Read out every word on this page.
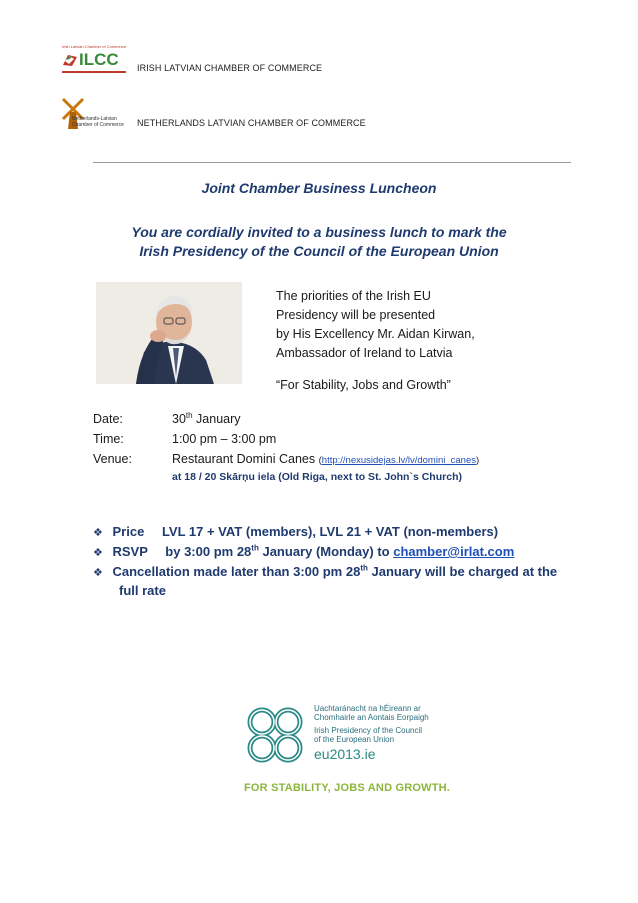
Irish Latvian Chamber of Commerce
ILCC IRISH LATVIAN CHAMBER OF COMMERCE
Netherlands-Latvian Chamber of Commerce	NETHERLANDS LATVIAN CHAMBER OF COMMERCE
Joint Chamber Business Luncheon
You are cordially invited to a business lunch to mark the
Irish Presidency of the Council of the European Union
The priorities of the Irish EU
Presidency will be presented
by His Excellency Mr. Aidan Kirwan,
Ambassador of Ireland to Latvia
“For Stability, Jobs and Growth”
Date:	30th January
Time:	1:00 pm – 3:00 pm
Venue:	Restaurant Domini Canes (http://nexusidejas.lv/lv/domini_canes)
at 18 / 20 Skārņu iela (Old Riga, next to St. John`s Church)
❖ Price LVL 17 + VAT (members), LVL 21 + VAT (non-members)
❖ RSVP by 3:00 pm 28th January (Monday) to chamber@irlat.com
❖ Cancellation made later than 3:00 pm 28th January will be charged at the
full rate
Uachtaránacht na hÉireann ar
Chomhairle an Aontais Eorpaigh
Irish Presidency of the Council
of the European Union
eu2013.ie
FOR STABILITY, JOBS AND GROWTH.
